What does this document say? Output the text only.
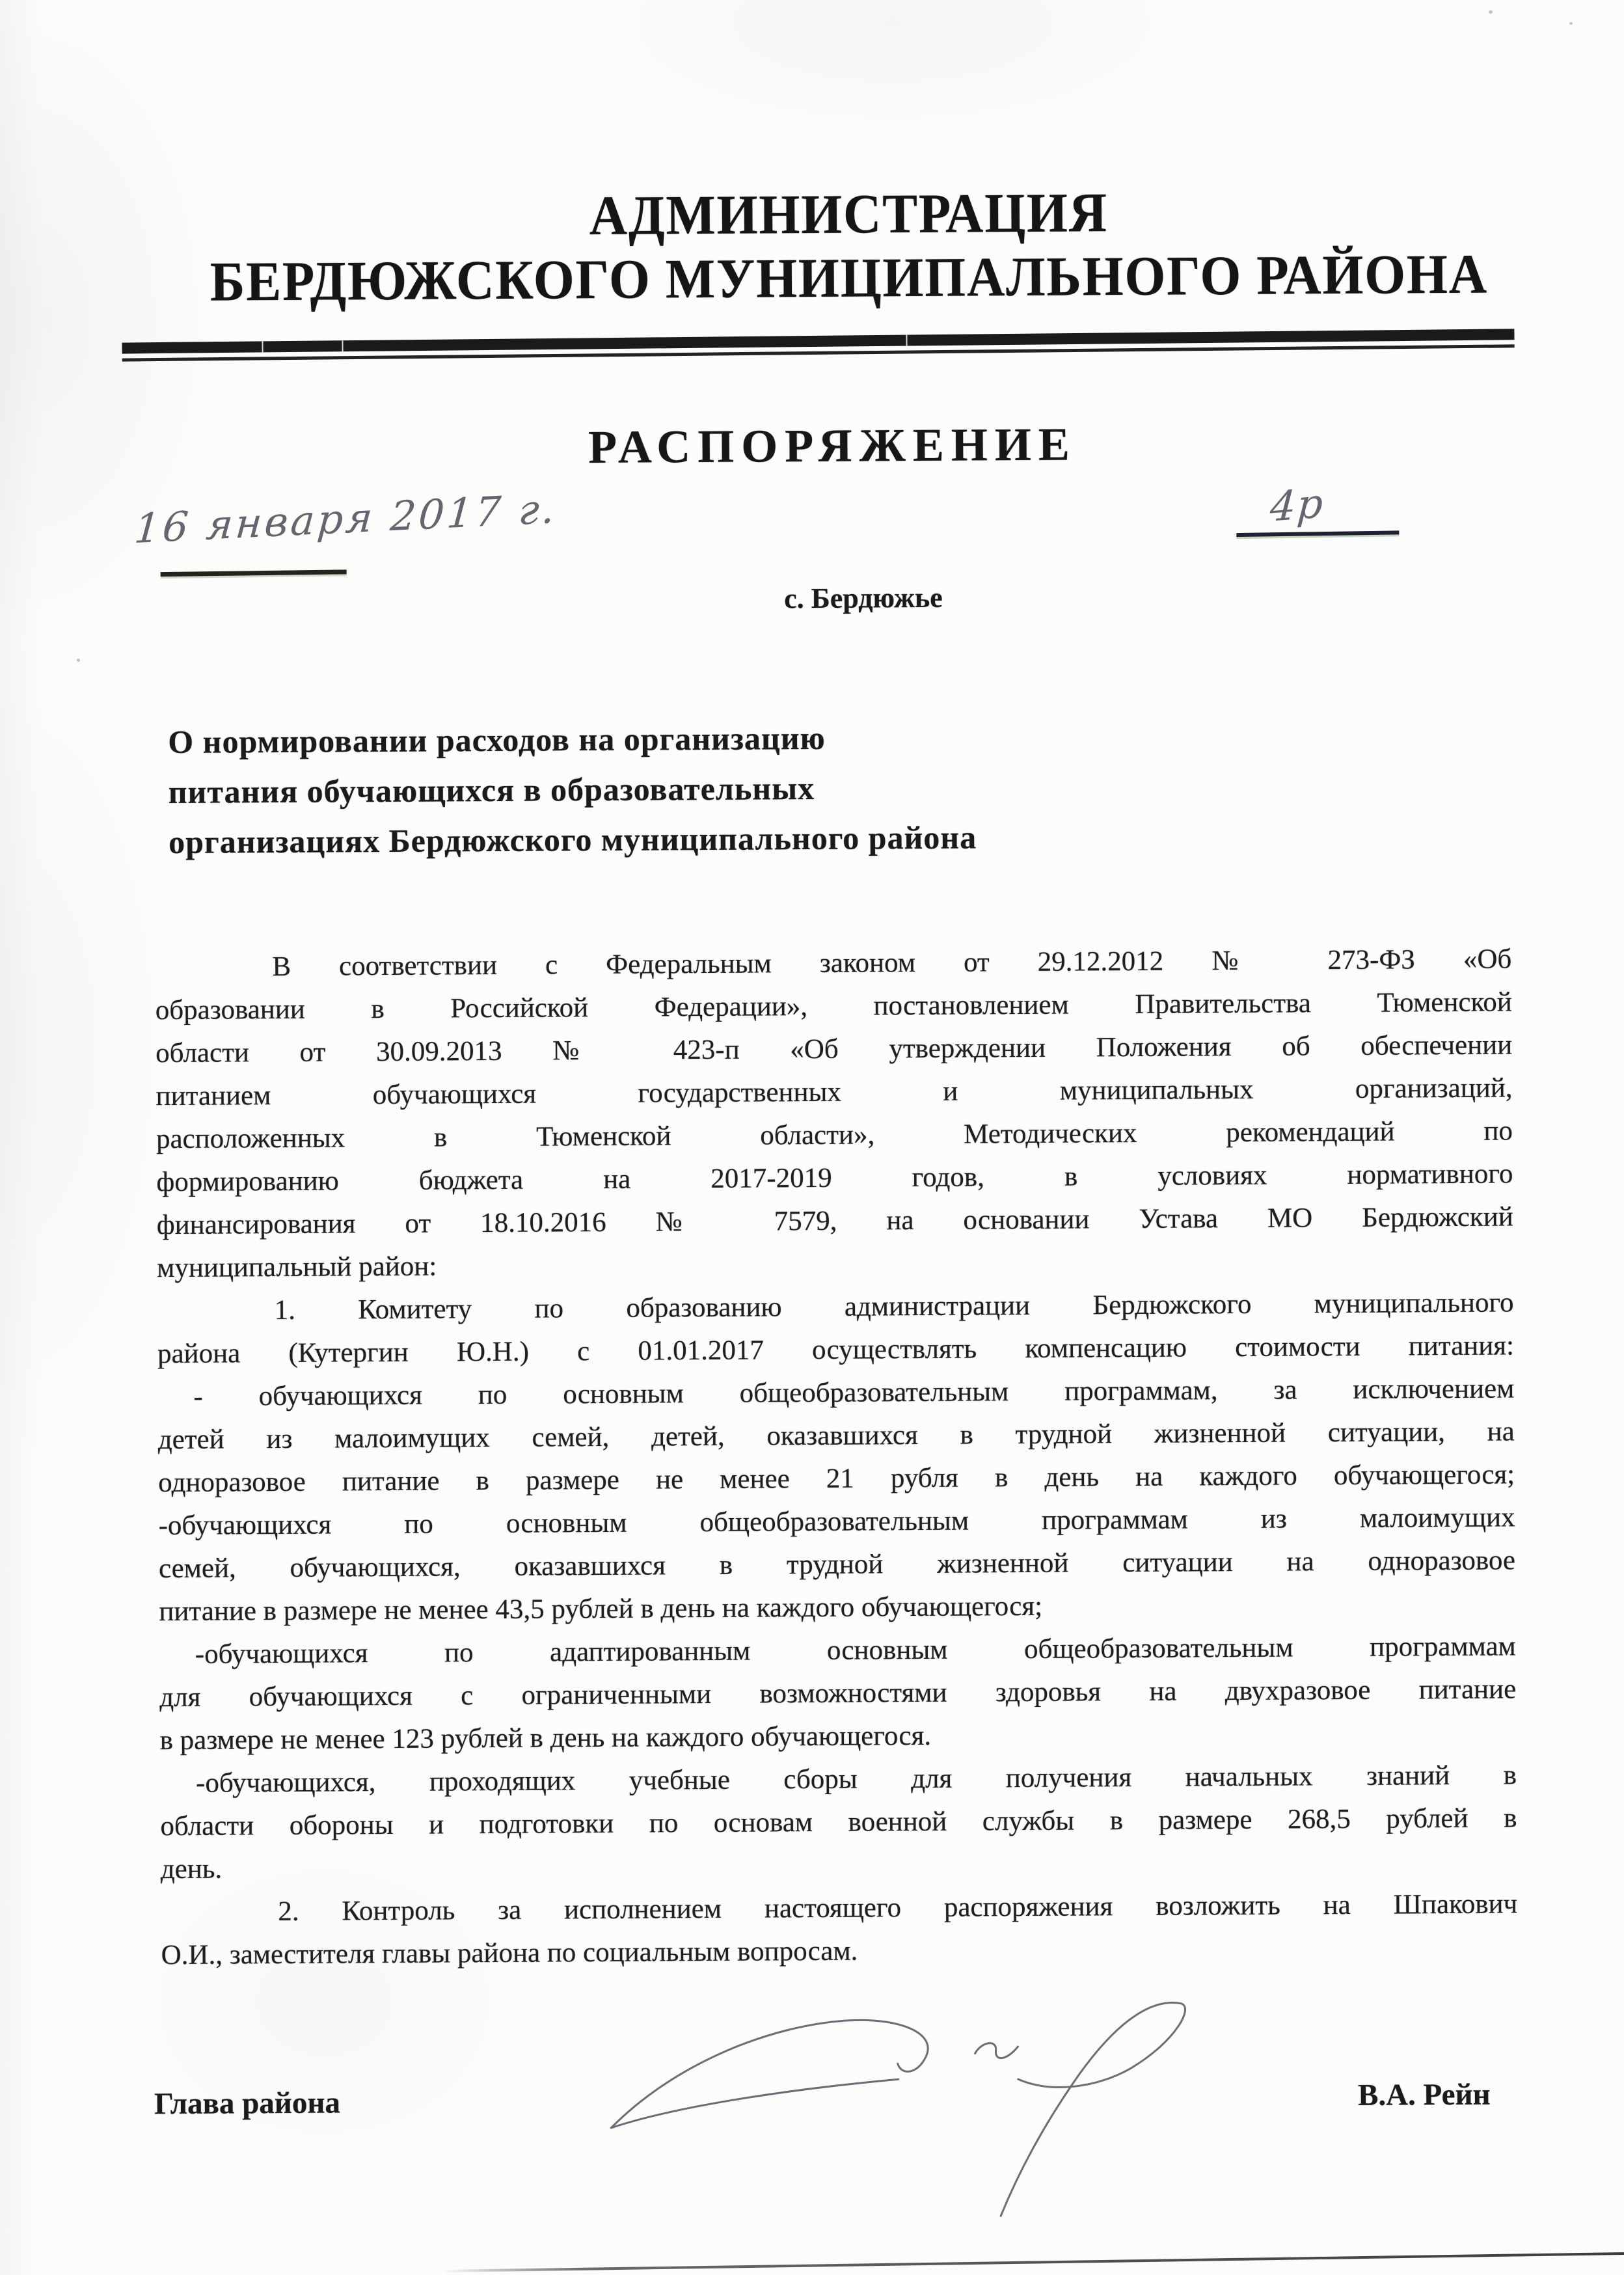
АДМИНИСТРАЦИЯ
БЕРДЮЖСКОГО МУНИЦИПАЛЬНОГО РАЙОНА
РАСПОРЯЖЕНИЕ
16 января 2017 г.	4р
с. Бердюжье
О нормировании расходов на организацию
питания обучающихся в образовательных
организациях Бердюжского муниципального района
В соответствии с Федеральным законом от 29.12.2012 № 273-ФЗ «Об
образовании в Российской Федерации», постановлением Правительства Тюменской
области от 30.09.2013 № 423-п «Об утверждении Положения об обеспечении
питанием обучающихся государственных и муниципальных организаций,
расположенных в Тюменской области», Методических рекомендаций по
формированию бюджета на 2017-2019 годов, в условиях нормативного
финансирования от 18.10.2016 № 7579, на основании Устава МО Бердюжский
муниципальный район:
1. Комитету по образованию администрации Бердюжского муниципального
района (Кутергин Ю.Н.) с 01.01.2017 осуществлять компенсацию стоимости питания:
- обучающихся по основным общеобразовательным программам, за исключением
детей из малоимущих семей, детей, оказавшихся в трудной жизненной ситуации, на
одноразовое питание в размере не менее 21 рубля в день на каждого обучающегося;
-обучающихся по основным общеобразовательным программам из малоимущих
семей, обучающихся, оказавшихся в трудной жизненной ситуации на одноразовое
питание в размере не менее 43,5 рублей в день на каждого обучающегося;
-обучающихся по адаптированным основным общеобразовательным программам
для обучающихся с ограниченными возможностями здоровья на двухразовое питание
в размере не менее 123 рублей в день на каждого обучающегося.
-обучающихся, проходящих учебные сборы для получения начальных знаний в
области обороны и подготовки по основам военной службы в размере 268,5 рублей в
день.
2. Контроль за исполнением настоящего распоряжения возложить на Шпакович
О.И., заместителя главы района по социальным вопросам.
Глава района	В.А. Рейн
